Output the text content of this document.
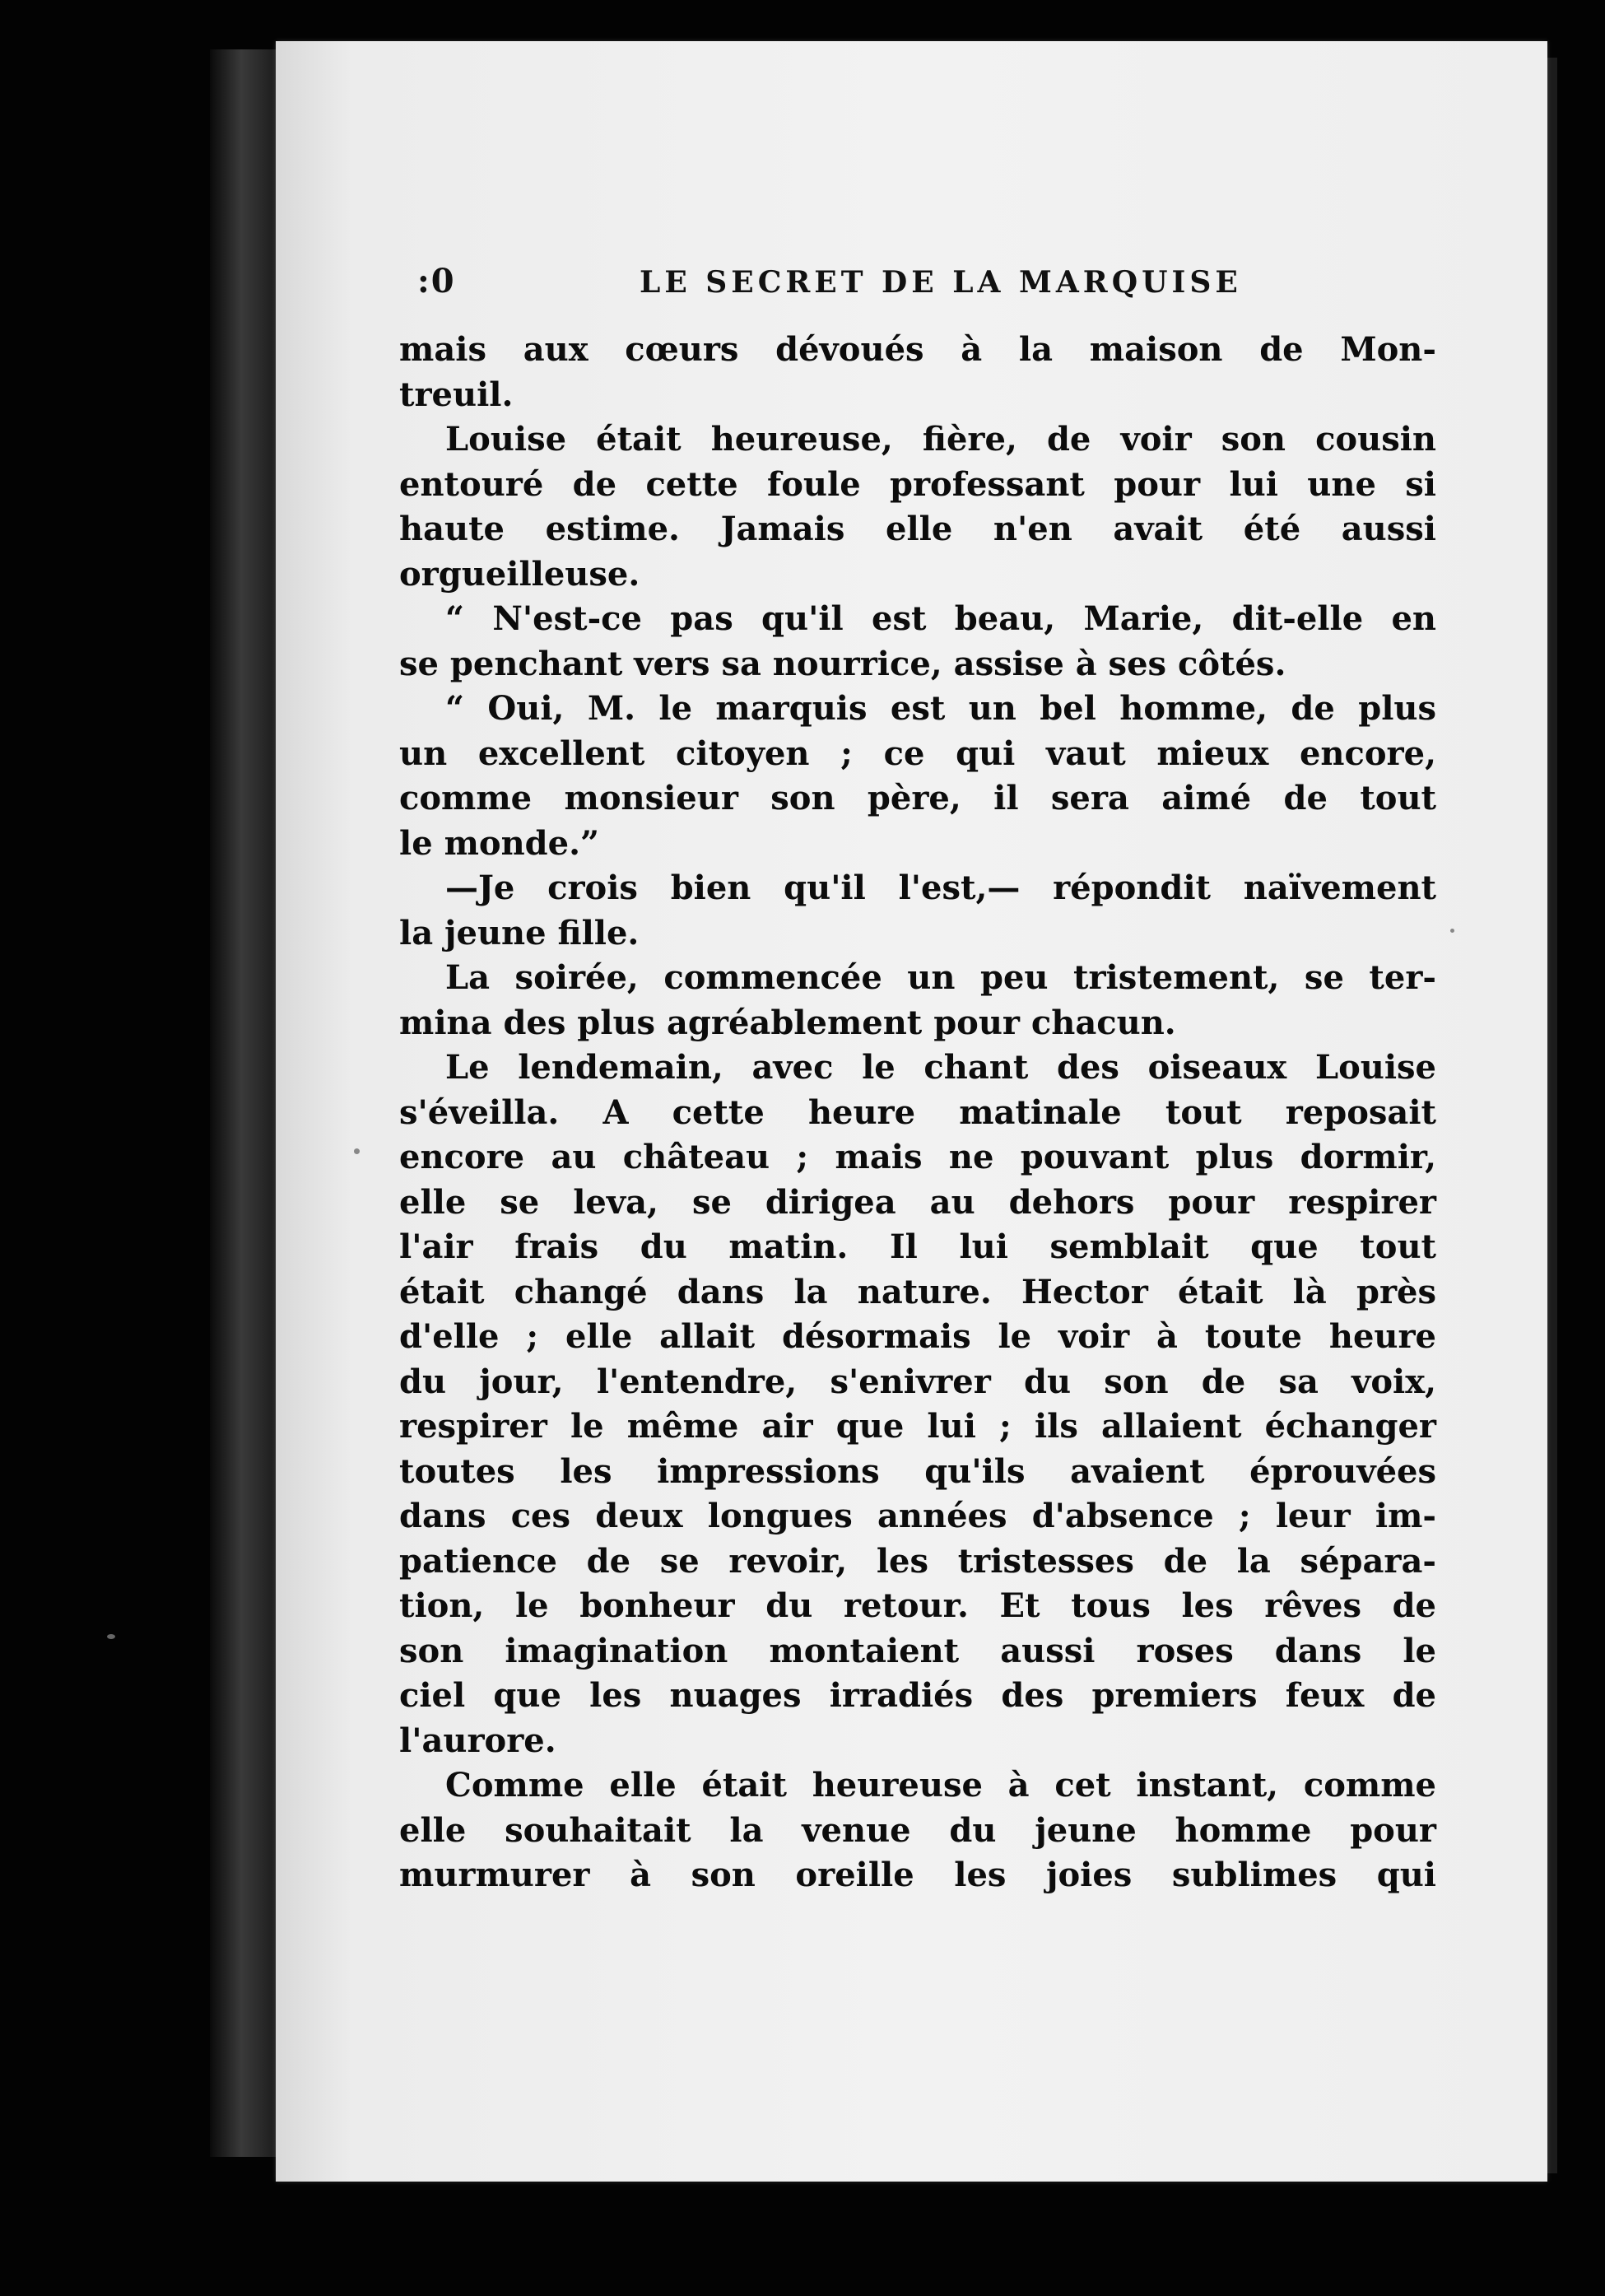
:0	LE SECRET DE LA MARQUISE
mais aux cœurs dévoués à la maison de Mon-
treuil.
Louise était heureuse, fière, de voir son cousin
entouré de cette foule professant pour lui une si
haute estime. Jamais elle n'en avait été aussi
orgueilleuse.
“ N'est-ce pas qu'il est beau, Marie, dit-elle en
se penchant vers sa nourrice, assise à ses côtés.
“ Oui, M. le marquis est un bel homme, de plus
un excellent citoyen ; ce qui vaut mieux encore,
comme monsieur son père, il sera aimé de tout
le monde.”
—Je crois bien qu'il l'est,— répondit naïvement
la jeune fille.
La soirée, commencée un peu tristement, se ter-
mina des plus agréablement pour chacun.
Le lendemain, avec le chant des oiseaux Louise
s'éveilla. A cette heure matinale tout reposait
encore au château ; mais ne pouvant plus dormir,
elle se leva, se dirigea au dehors pour respirer
l'air frais du matin. Il lui semblait que tout
était changé dans la nature. Hector était là près
d'elle ; elle allait désormais le voir à toute heure
du jour, l'entendre, s'enivrer du son de sa voix,
respirer le même air que lui ; ils allaient échanger
toutes les impressions qu'ils avaient éprouvées
dans ces deux longues années d'absence ; leur im-
patience de se revoir, les tristesses de la sépara-
tion, le bonheur du retour. Et tous les rêves de
son imagination montaient aussi roses dans le
ciel que les nuages irradiés des premiers feux de
l'aurore.
Comme elle était heureuse à cet instant, comme
elle souhaitait la venue du jeune homme pour
murmurer à son oreille les joies sublimes qui
